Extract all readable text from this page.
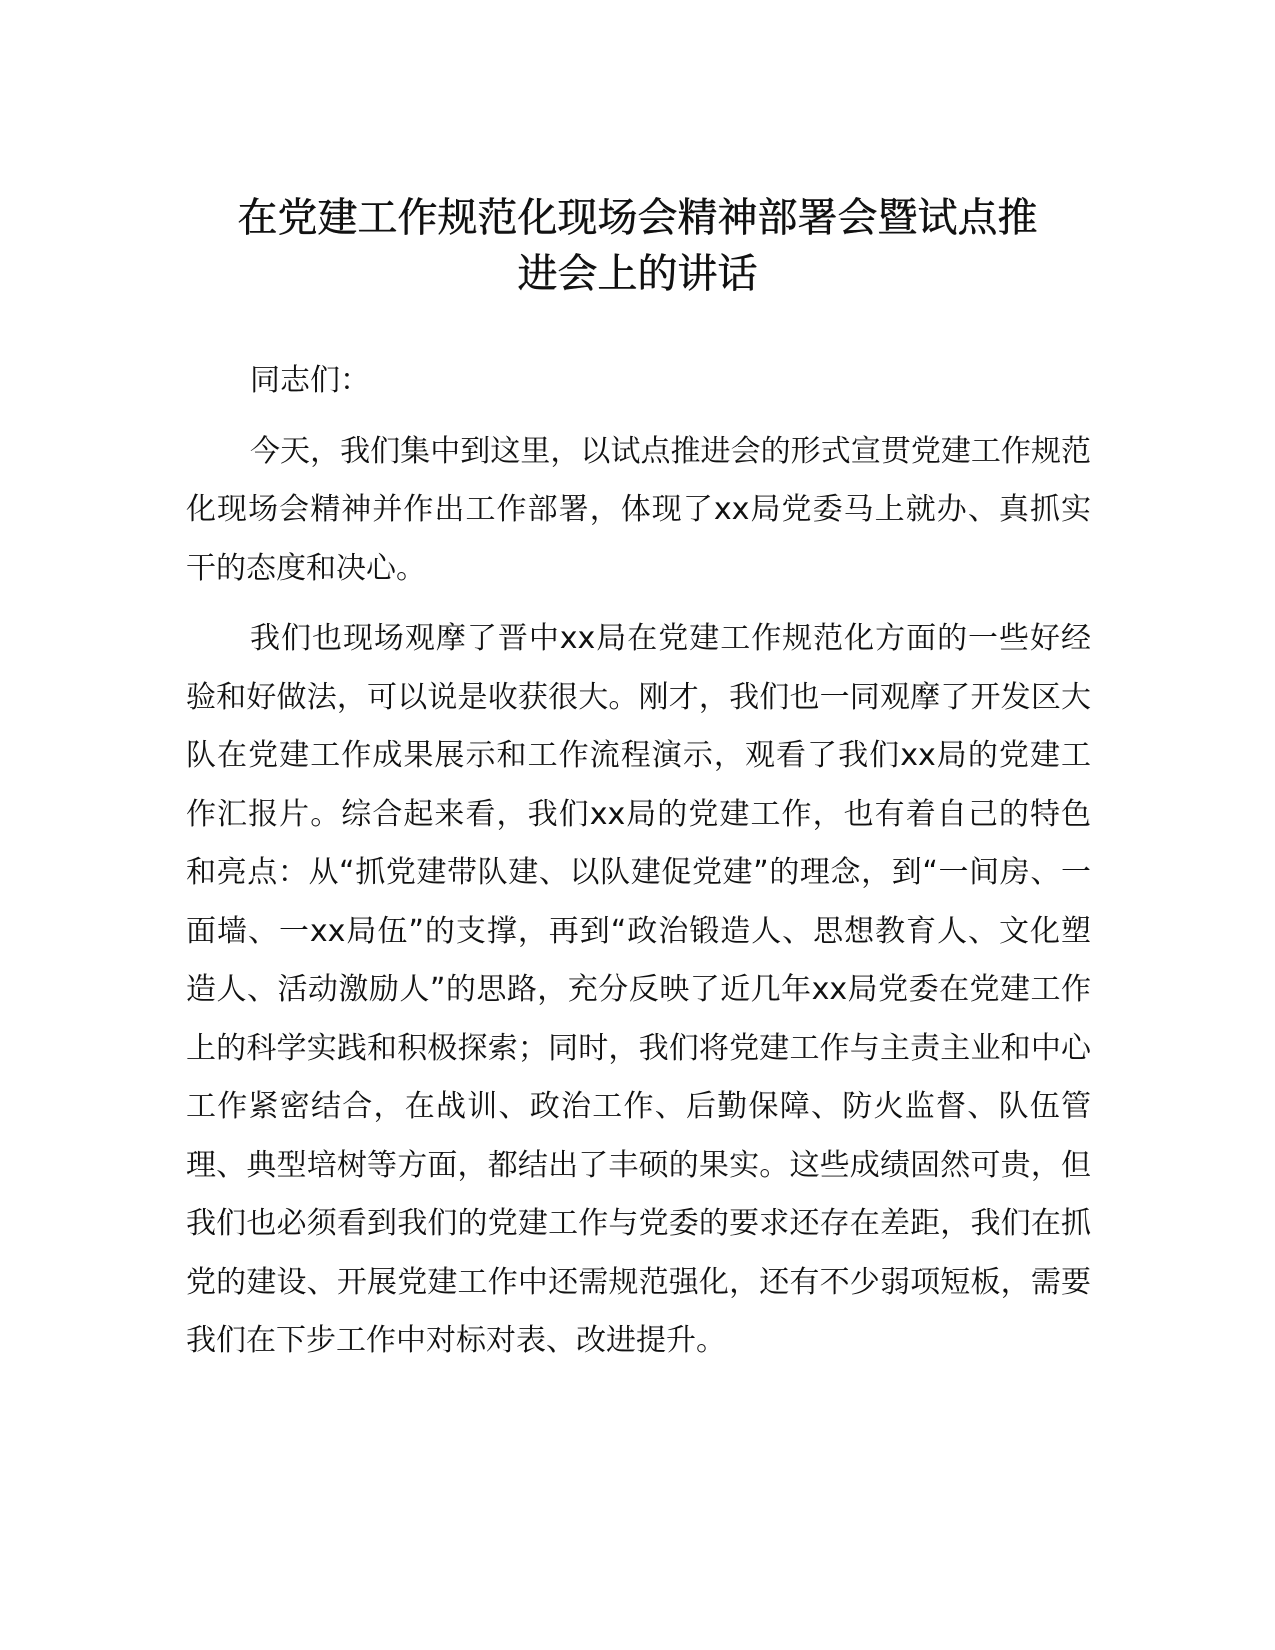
在党建工作规范化现场会精神部署会暨试点推
进会上的讲话

同志们：

今天，我们集中到这里，以试点推进会的形式宣贯党建工作规范化现场会精神并作出工作部署，体现了xx局党委马上就办、真抓实干的态度和决心。

我们也现场观摩了晋中xx局在党建工作规范化方面的一些好经验和好做法，可以说是收获很大。刚才，我们也一同观摩了开发区大队在党建工作成果展示和工作流程演示，观看了我们xx局的党建工作汇报片。综合起来看，我们xx局的党建工作，也有着自己的特色和亮点：从“抓党建带队建、以队建促党建”的理念，到“一间房、一面墙、一xx局伍”的支撑，再到“政治锻造人、思想教育人、文化塑造人、活动激励人”的思路，充分反映了近几年xx局党委在党建工作上的科学实践和积极探索；同时，我们将党建工作与主责主业和中心工作紧密结合，在战训、政治工作、后勤保障、防火监督、队伍管理、典型培树等方面，都结出了丰硕的果实。这些成绩固然可贵，但我们也必须看到我们的党建工作与党委的要求还存在差距，我们在抓党的建设、开展党建工作中还需规范强化，还有不少弱项短板，需要我们在下步工作中对标对表、改进提升。
